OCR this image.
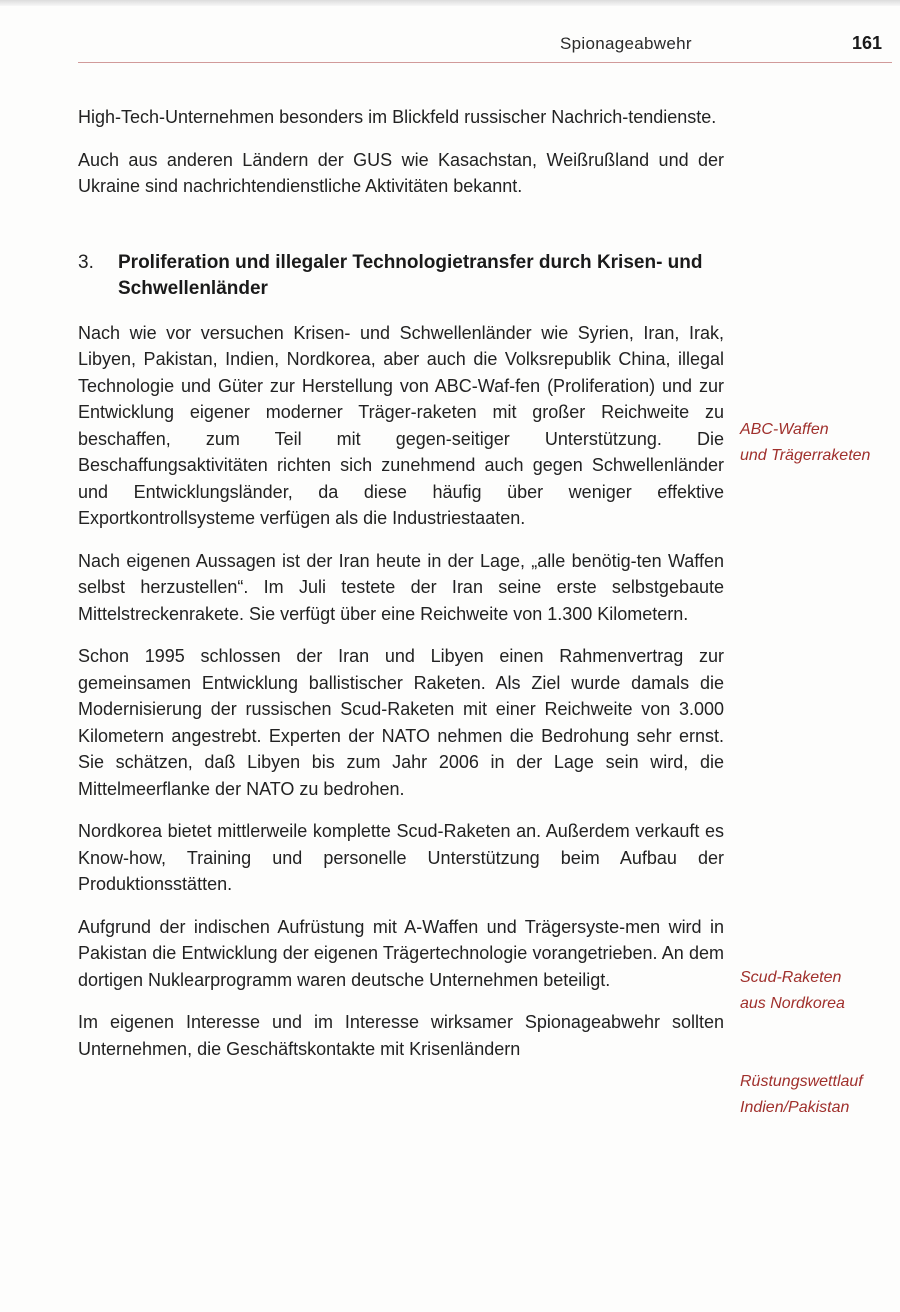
Spionageabwehr	161

High-Tech-Unternehmen besonders im Blickfeld russischer Nachrich-tendienste.

Auch aus anderen Ländern der GUS wie Kasachstan, Weißrußland und der Ukraine sind nachrichtendienstliche Aktivitäten bekannt.

3.	Proliferation und illegaler Technologietransfer durch Krisen- und Schwellenländer

Nach wie vor versuchen Krisen- und Schwellenländer wie Syrien, Iran, Irak, Libyen, Pakistan, Indien, Nordkorea, aber auch die Volksrepublik China, illegal Technologie und Güter zur Herstellung von ABC-Waf-fen (Proliferation) und zur Entwicklung eigener moderner Träger-raketen mit großer Reichweite zu beschaffen, zum Teil mit gegen-seitiger Unterstützung. Die Beschaffungsaktivitäten richten sich zunehmend auch gegen Schwellenländer und Entwicklungsländer, da diese häufig über weniger effektive Exportkontrollsysteme verfügen als die Industriestaaten.

Nach eigenen Aussagen ist der Iran heute in der Lage, „alle benötig-ten Waffen selbst herzustellen“. Im Juli testete der Iran seine erste selbstgebaute Mittelstreckenrakete. Sie verfügt über eine Reichweite von 1.300 Kilometern.

Schon 1995 schlossen der Iran und Libyen einen Rahmenvertrag zur gemeinsamen Entwicklung ballistischer Raketen. Als Ziel wurde damals die Modernisierung der russischen Scud-Raketen mit einer Reichweite von 3.000 Kilometern angestrebt. Experten der NATO nehmen die Bedrohung sehr ernst. Sie schätzen, daß Libyen bis zum Jahr 2006 in der Lage sein wird, die Mittelmeerflanke der NATO zu bedrohen.

Nordkorea bietet mittlerweile komplette Scud-Raketen an. Außerdem verkauft es Know-how, Training und personelle Unterstützung beim Aufbau der Produktionsstätten.

Aufgrund der indischen Aufrüstung mit A-Waffen und Trägersyste-men wird in Pakistan die Entwicklung der eigenen Trägertechnologie vorangetrieben. An dem dortigen Nuklearprogramm waren deutsche Unternehmen beteiligt.

Im eigenen Interesse und im Interesse wirksamer Spionageabwehr sollten Unternehmen, die Geschäftskontakte mit Krisenländern

ABC-Waffen
und Trägerraketen
Scud-Raketen
aus Nordkorea
Rüstungswettlauf
Indien/Pakistan
